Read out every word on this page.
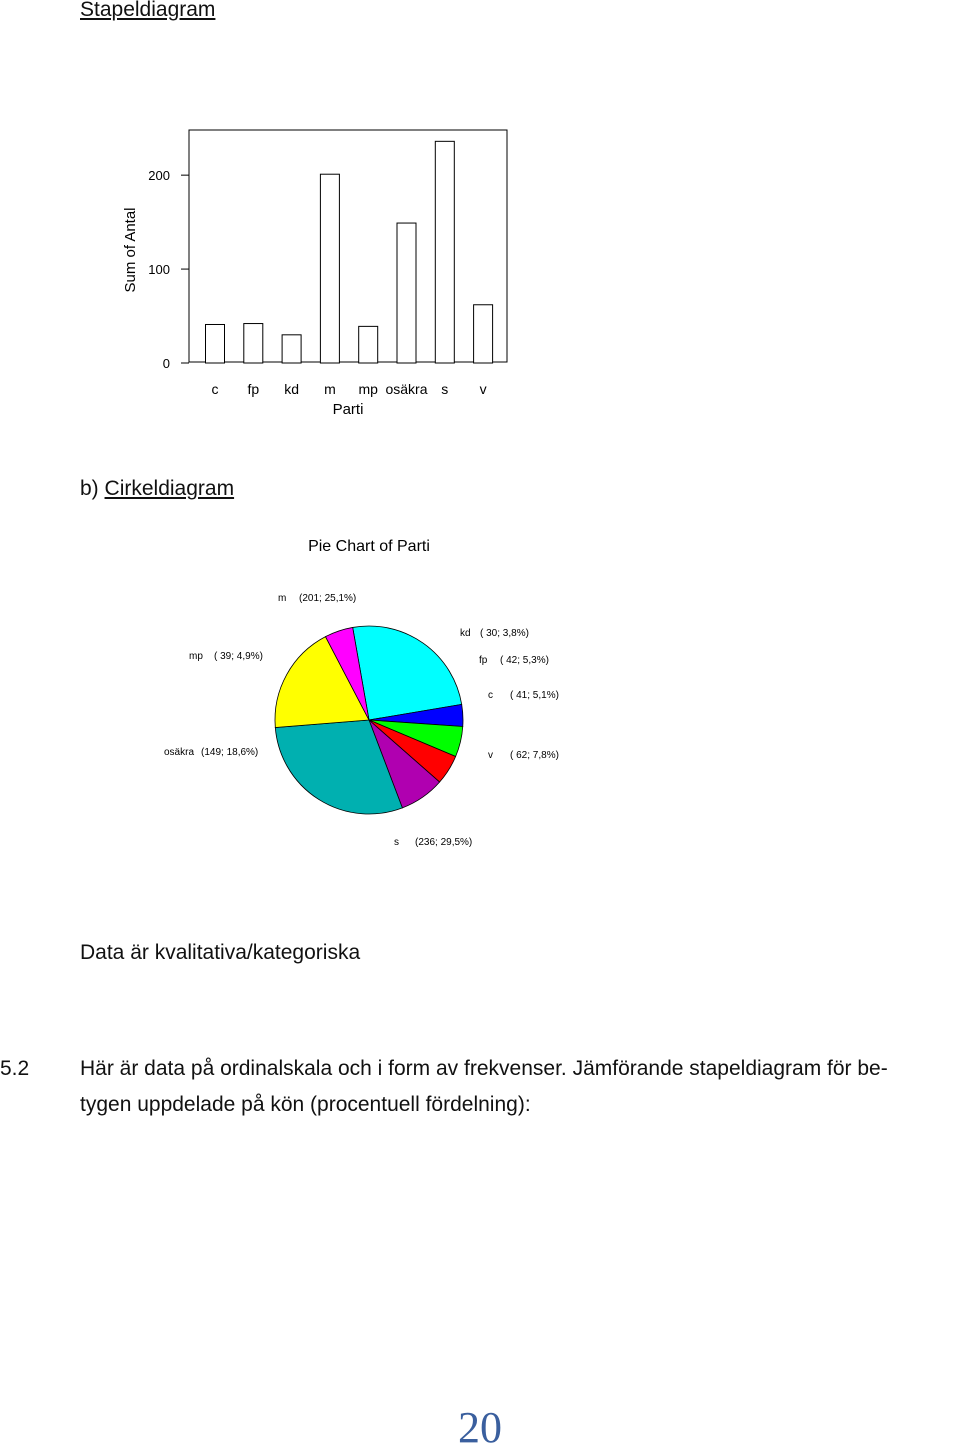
Stapeldiagram
0
100
200
c fp kd m mp osäkra s v
Sum of Antal
Parti
b) Cirkeldiagram
Pie Chart of Parti
m (201; 25,1%)
kd ( 30; 3,8%)
fp ( 42; 5,3%)
c ( 41; 5,1%)
v ( 62; 7,8%)
s (236; 29,5%)
osäkra (149; 18,6%)
mp ( 39; 4,9%)
Data är kvalitativa/kategoriska
5.2 Här är data på ordinalskala och i form av frekvenser. Jämförande stapeldiagram för be-
tygen uppdelade på kön (procentuell fördelning):
20
